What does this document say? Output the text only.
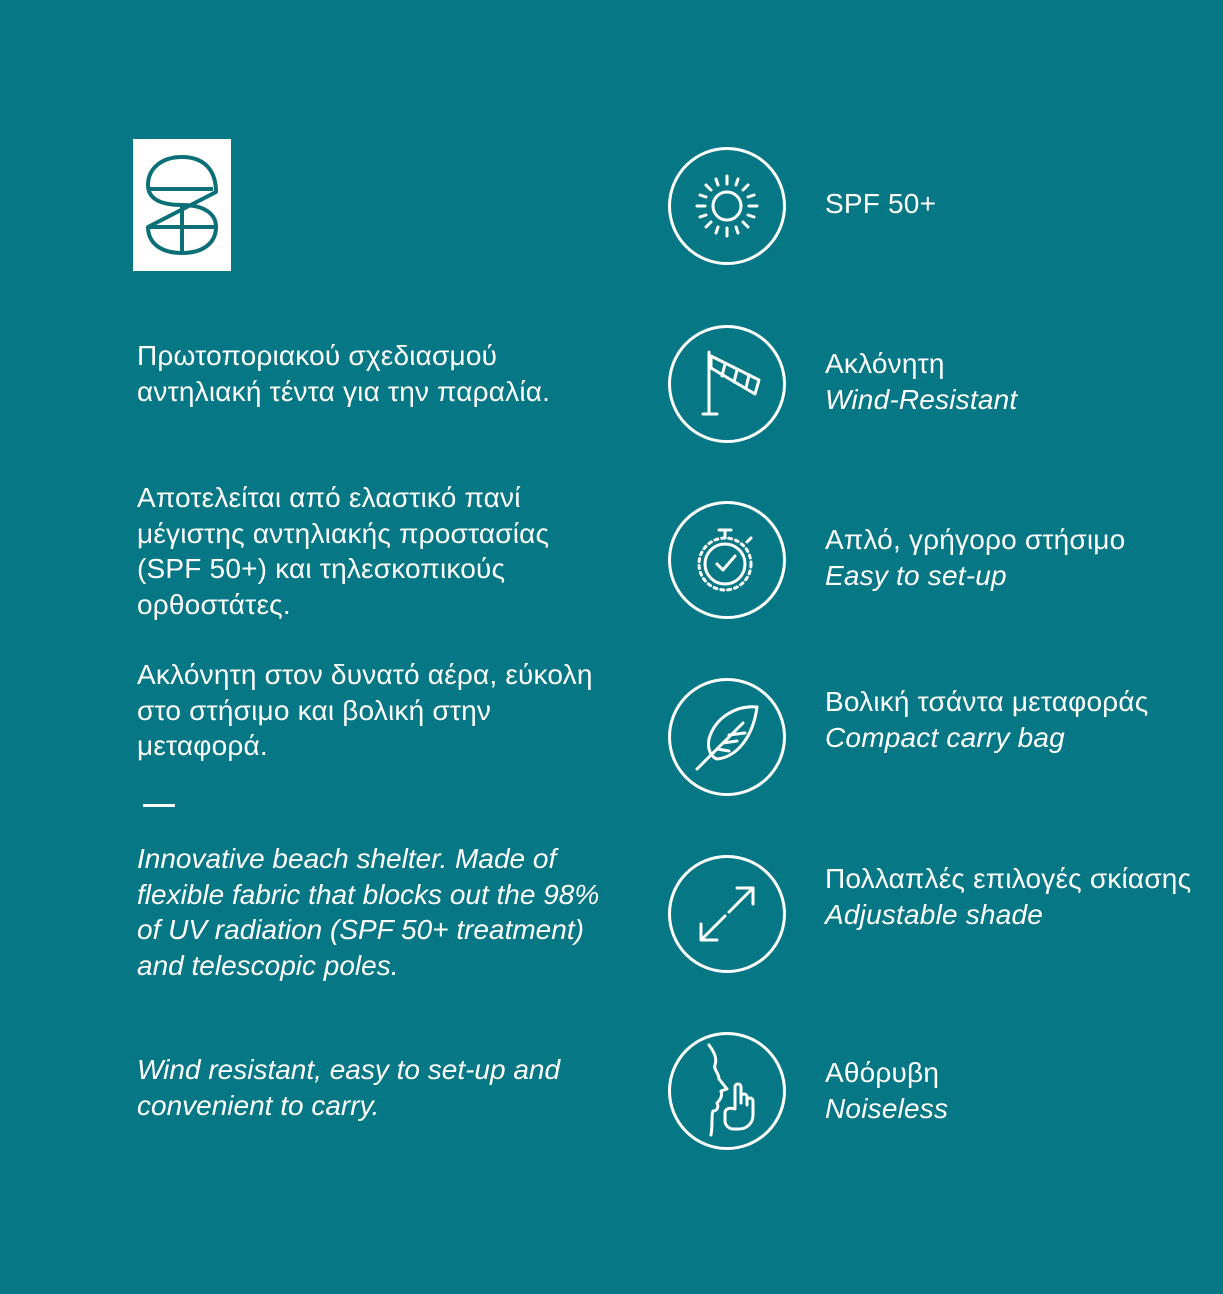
Πρωτοποριακού σχεδιασμού αντηλιακή τέντα για την παραλία.

Αποτελείται από ελαστικό πανί μέγιστης αντηλιακής προστασίας (SPF 50+) και τηλεσκοπικούς ορθοστάτες.

Ακλόνητη στον δυνατό αέρα, εύκολη στο στήσιμο και βολική στην μεταφορά.

Innovative beach shelter. Made of flexible fabric that blocks out the 98% of UV radiation (SPF 50+ treatment) and telescopic poles.

Wind resistant, easy to set-up and convenient to carry.

SPF 50+
Ακλόνητη
Wind-Resistant
Απλό, γρήγορο στήσιμο
Easy to set-up
Βολική τσάντα μεταφοράς
Compact carry bag
Πολλαπλές επιλογές σκίασης
Adjustable shade
Αθόρυβη
Noiseless
